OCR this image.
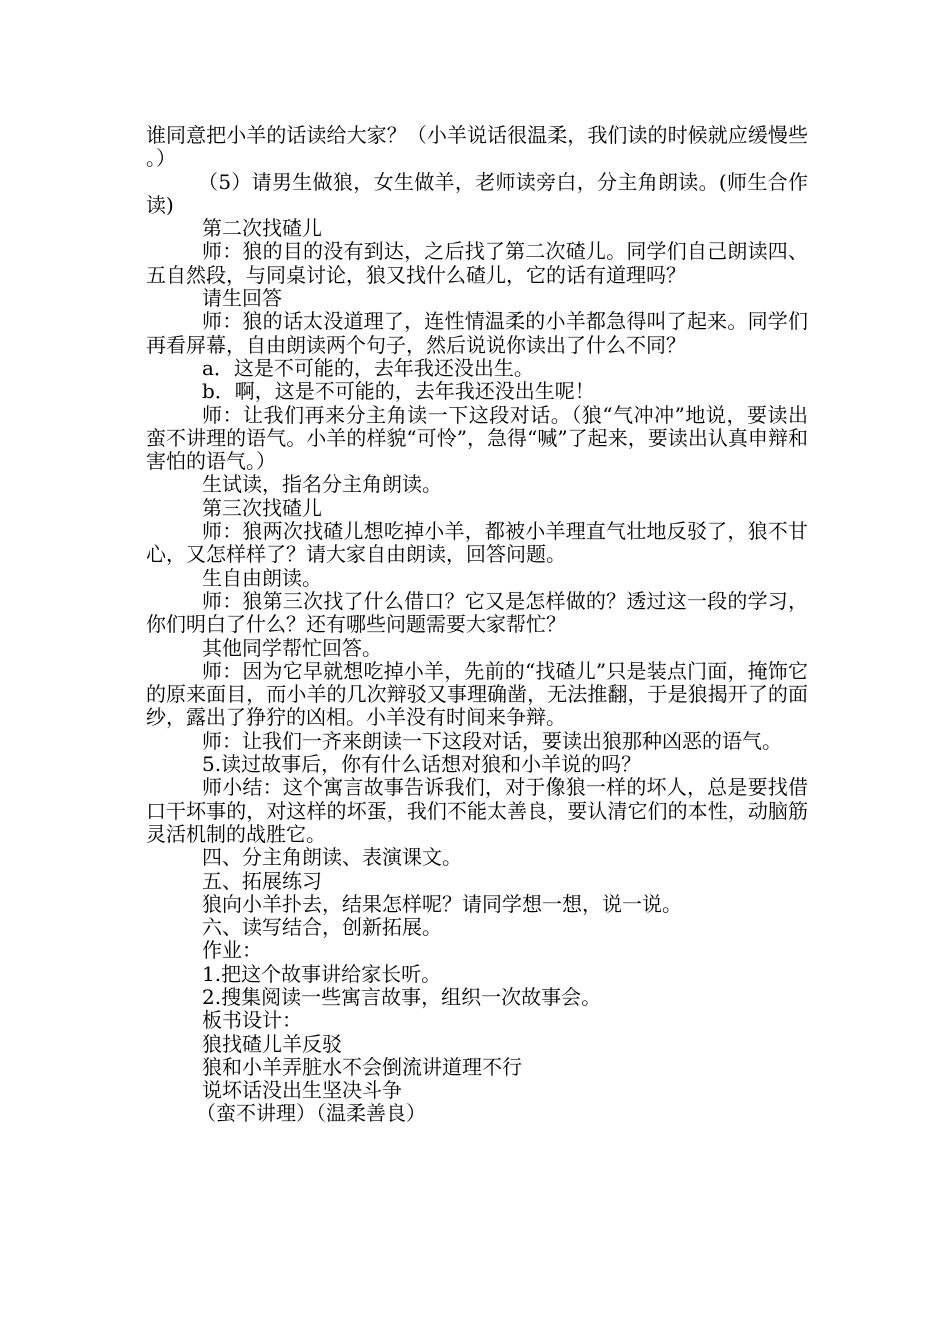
谁同意把小羊的话读给大家？（小羊说话很温柔，我们读的时候就应缓慢些。）

（5）请男生做狼，女生做羊，老师读旁白，分主角朗读。(师生合作读)

第二次找碴儿

师：狼的目的没有到达，之后找了第二次碴儿。同学们自己朗读四、五自然段，与同桌讨论，狼又找什么碴儿，它的话有道理吗？

请生回答

师：狼的话太没道理了，连性情温柔的小羊都急得叫了起来。同学们再看屏幕，自由朗读两个句子，然后说说你读出了什么不同？

a．这是不可能的，去年我还没出生。

b．啊，这是不可能的，去年我还没出生呢！

师：让我们再来分主角读一下这段对话。（狼“气冲冲”地说，要读出蛮不讲理的语气。小羊的样貌“可怜”，急得“喊”了起来，要读出认真申辩和害怕的语气。）

生试读，指名分主角朗读。

第三次找碴儿

师：狼两次找碴儿想吃掉小羊，都被小羊理直气壮地反驳了，狼不甘心，又怎样样了？请大家自由朗读，回答问题。

生自由朗读。

师：狼第三次找了什么借口？它又是怎样做的？透过这一段的学习，你们明白了什么？还有哪些问题需要大家帮忙？

其他同学帮忙回答。

师：因为它早就想吃掉小羊，先前的“找碴儿”只是装点门面，掩饰它的原来面目，而小羊的几次辩驳又事理确凿，无法推翻，于是狼揭开了的面纱，露出了狰狞的凶相。小羊没有时间来争辩。

师：让我们一齐来朗读一下这段对话，要读出狼那种凶恶的语气。

5.读过故事后，你有什么话想对狼和小羊说的吗？

师小结：这个寓言故事告诉我们，对于像狼一样的坏人，总是要找借口干坏事的，对这样的坏蛋，我们不能太善良，要认清它们的本性，动脑筋灵活机制的战胜它。

四、分主角朗读、表演课文。

五、拓展练习

狼向小羊扑去，结果怎样呢？请同学想一想，说一说。

六、读写结合，创新拓展。

作业：

1.把这个故事讲给家长听。

2.搜集阅读一些寓言故事，组织一次故事会。

板书设计：

狼找碴儿羊反驳

狼和小羊弄脏水不会倒流讲道理不行

说坏话没出生坚决斗争

（蛮不讲理）（温柔善良）
